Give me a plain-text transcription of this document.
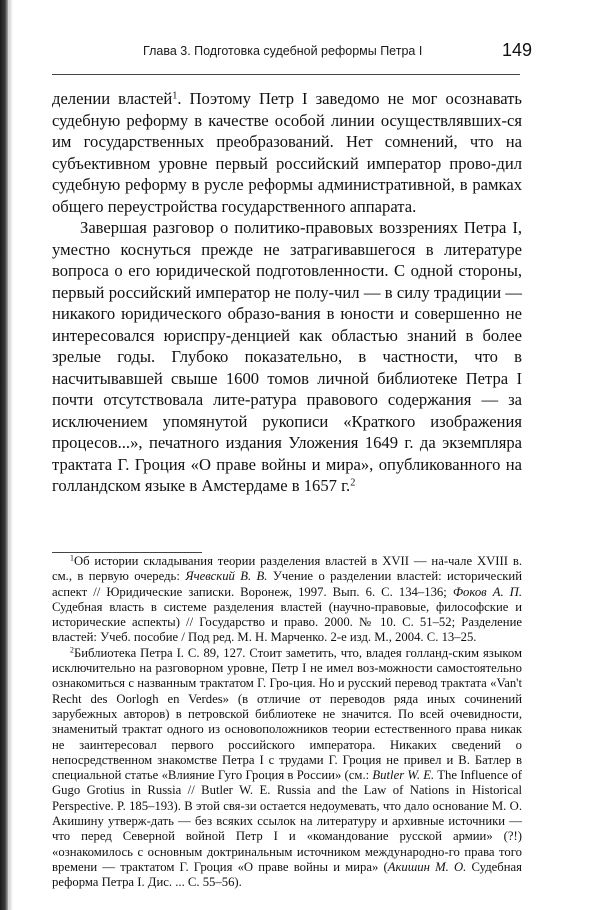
Глава 3. Подготовка судебной реформы Петра I	149

делении властей$^1$. Поэтому Петр I заведомо не мог осознавать судебную реформу в качестве особой линии осуществлявших-ся им государственных преобразований. Нет сомнений, что на субъективном уровне первый российский император прово-дил судебную реформу в русле реформы административной, в рамках общего переустройства государственного аппарата.

Завершая разговор о политико-правовых воззрениях Петра I, уместно коснуться прежде не затрагивавшегося в литературе вопроса о его юридической подготовленности. С одной стороны, первый российский император не полу-чил — в силу традиции — никакого юридического образо-вания в юности и совершенно не интересовался юриспру-денцией как областью знаний в более зрелые годы. Глубоко показательно, в частности, что в насчитывавшей свыше 1600 томов личной библиотеке Петра I почти отсутствовала лите-ратура правового содержания — за исключением упомянутой рукописи «Краткого изображения процесов...», печатного издания Уложения 1649 г. да экземпляра трактата Г. Гроция «О праве войны и мира», опубликованного на голландском языке в Амстердаме в 1657 г.$^2$

$^1$Об истории складывания теории разделения властей в XVII — на-чале XVIII в. см., в первую очередь: Ячевский В. В. Учение о разделении властей: исторический аспект // Юридические записки. Воронеж, 1997. Вып. 6. С. 134–136; Фоков А. П. Судебная власть в системе разделения властей (научно-правовые, философские и исторические аспекты) // Государство и право. 2000. № 10. С. 51–52; Разделение властей: Учеб. пособие / Под ред. М. Н. Марченко. 2-е изд. М., 2004. С. 13–25.

$^2$Библиотека Петра I. С. 89, 127. Стоит заметить, что, владея голланд-ским языком исключительно на разговорном уровне, Петр I не имел воз-можности самостоятельно ознакомиться с названным трактатом Г. Гро-ция. Но и русский перевод трактата «Van't Recht des Oorlogh en Verdes» (в отличие от переводов ряда иных сочинений зарубежных авторов) в петровской библиотеке не значится. По всей очевидности, знаменитый трактат одного из основоположников теории естественного права никак не заинтересовал первого российского императора. Никаких сведений о непосредственном знакомстве Петра I с трудами Г. Гроция не привел и В. Батлер в специальной статье «Влияние Гуго Гроция в России» (см.: Butler W. E. The Influence of Gugo Grotius in Russia // Butler W. E. Russia and the Law of Nations in Historical Perspective. P. 185–193). В этой свя-зи остается недоумевать, что дало основание М. О. Акишину утверж-дать — без всяких ссылок на литературу и архивные источники — что перед Северной войной Петр I и «командование русской армии» (?!) «ознакомилось с основным доктринальным источником международно-го права того времени — трактатом Г. Гроция «О праве войны и мира» (Акишин М. О. Судебная реформа Петра I. Дис. ... С. 55–56).
